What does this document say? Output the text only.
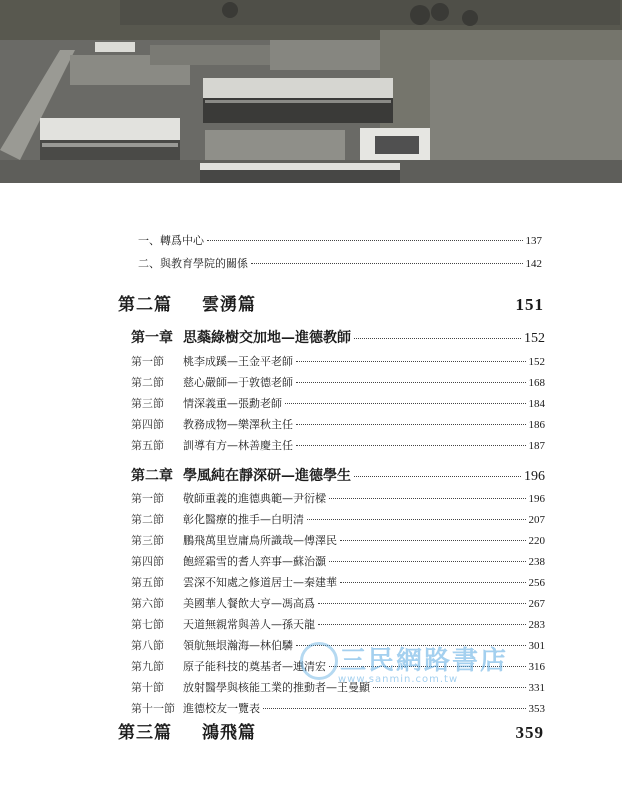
一、轉爲中心	137
二、與教育學院的關係	142
第二篇	雲湧篇	151
第一章 思蘂綠樹交加地—進德教師	152
第一節	桃李成蹊—王金平老師	152
第二節	慈心嚴師—于敦德老師	168
第三節	情深義重—張勳老師	184
第四節	教務成物—樂澤秋主任	186
第五節	訓導有方—林善慶主任	187
第二章 學風純在靜深研—進德學生	196
第一節	敬師重義的進德典範—尹衍樑	196
第二節	彰化醫療的推手—白明清	207
第三節	鵬飛萬里豈庸鳥所識哉—傅澤民	220
第四節	飽經霜雪的耆人弈事—蘇治灝	238
第五節	雲深不知處之修道居士—秦建華	256
第六節	美國華人餐飲大亨—馮高爲	267
第七節	天道無親常與善人—孫天龍	283
第八節	領航無垠瀚海—林伯驎	301
第九節	原子能科技的奠基者—連清宏	316
第十節	放射醫學與核能工業的推動者—王曼顯	331
第十一節 進德校友一覽表	353
第三篇	鴻飛篇	359
三民網路書店
www.sanmin.com.tw
